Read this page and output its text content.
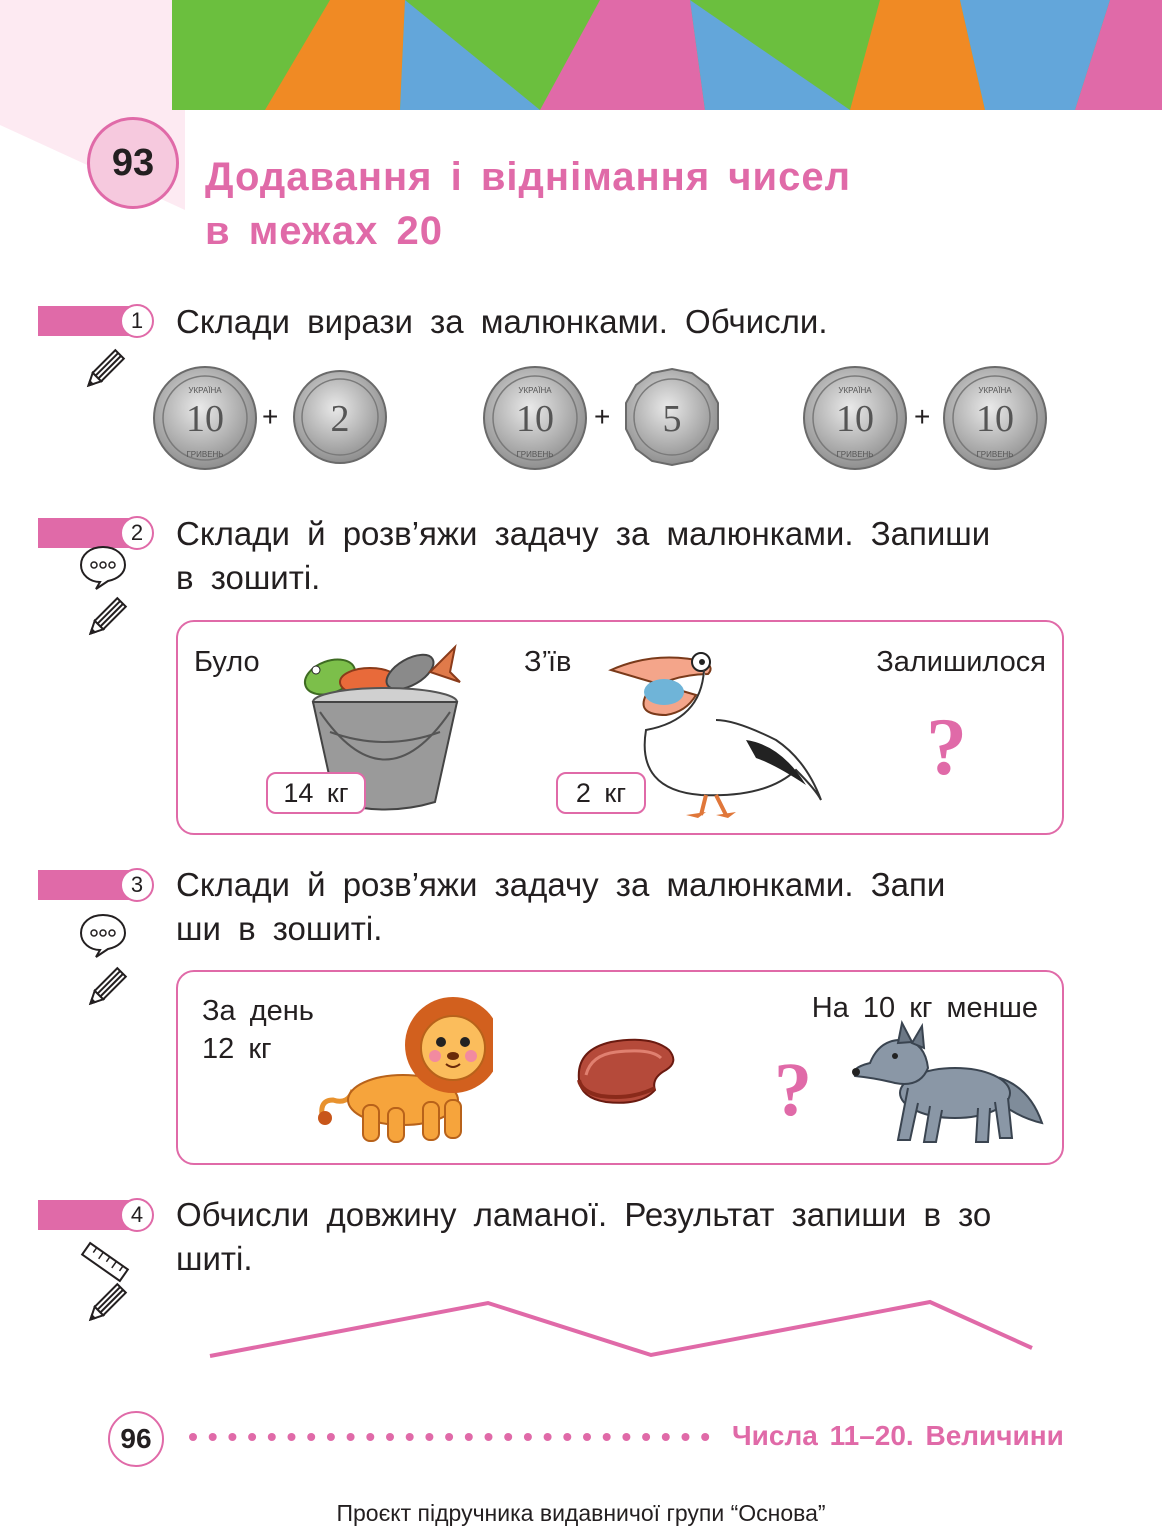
93 Додавання і віднімання чисел
в межах 20
1 Склади вирази за малюнками. Обчисли.
10
УКРАЇНА
ГРИВЕНЬ
+ 2	10
УКРАЇНА
ГРИВЕНЬ
+ 5	10
УКРАЇНА
ГРИВЕНЬ
+ 10
УКРАЇНА
ГРИВЕНЬ
2 Склади й розв’яжи задачу за малюнками. Запиши
в зошиті.
Було	З’їв	Залишилося
14 кг	2 кг
?
3 Склади й розв’яжи задачу за малюнками. Запи
ши в зошиті.
За день
12 кг
На 10 кг менше
?
4 Обчисли довжину ламаної. Результат запиши в зо
шиті.
96	Числа 11–20. Величини
Проєкт підручника видавничої групи “Основа”
